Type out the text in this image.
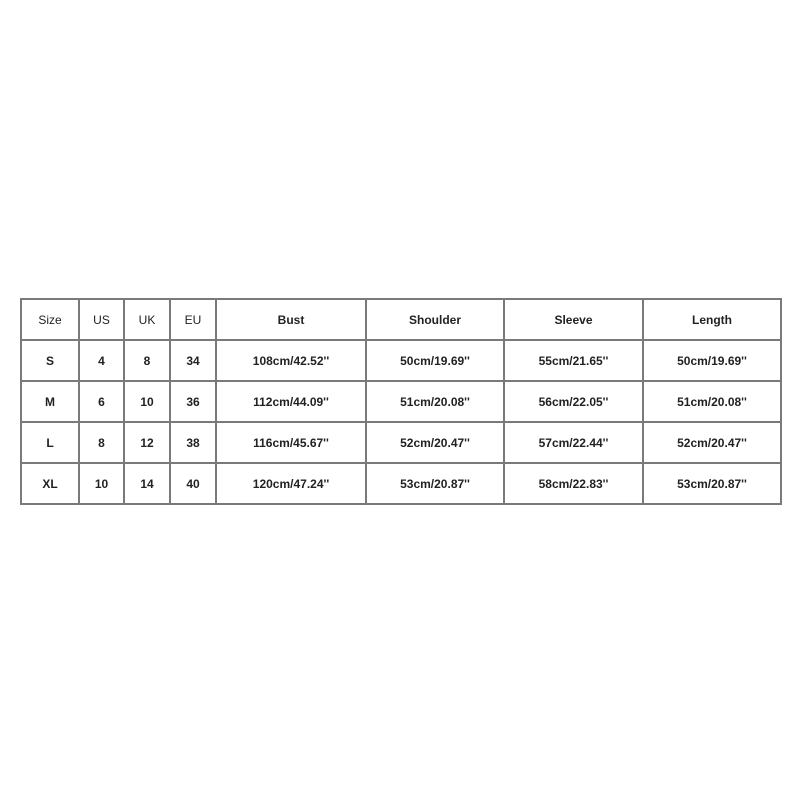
Size	US	UK	EU	Bust	Shoulder	Sleeve	Length
S	4	8	34	108cm/42.52''	50cm/19.69''	55cm/21.65''	50cm/19.69''
M	6	10	36	112cm/44.09''	51cm/20.08''	56cm/22.05''	51cm/20.08''
L	8	12	38	116cm/45.67''	52cm/20.47''	57cm/22.44''	52cm/20.47''
XL	10	14	40	120cm/47.24''	53cm/20.87''	58cm/22.83''	53cm/20.87''
